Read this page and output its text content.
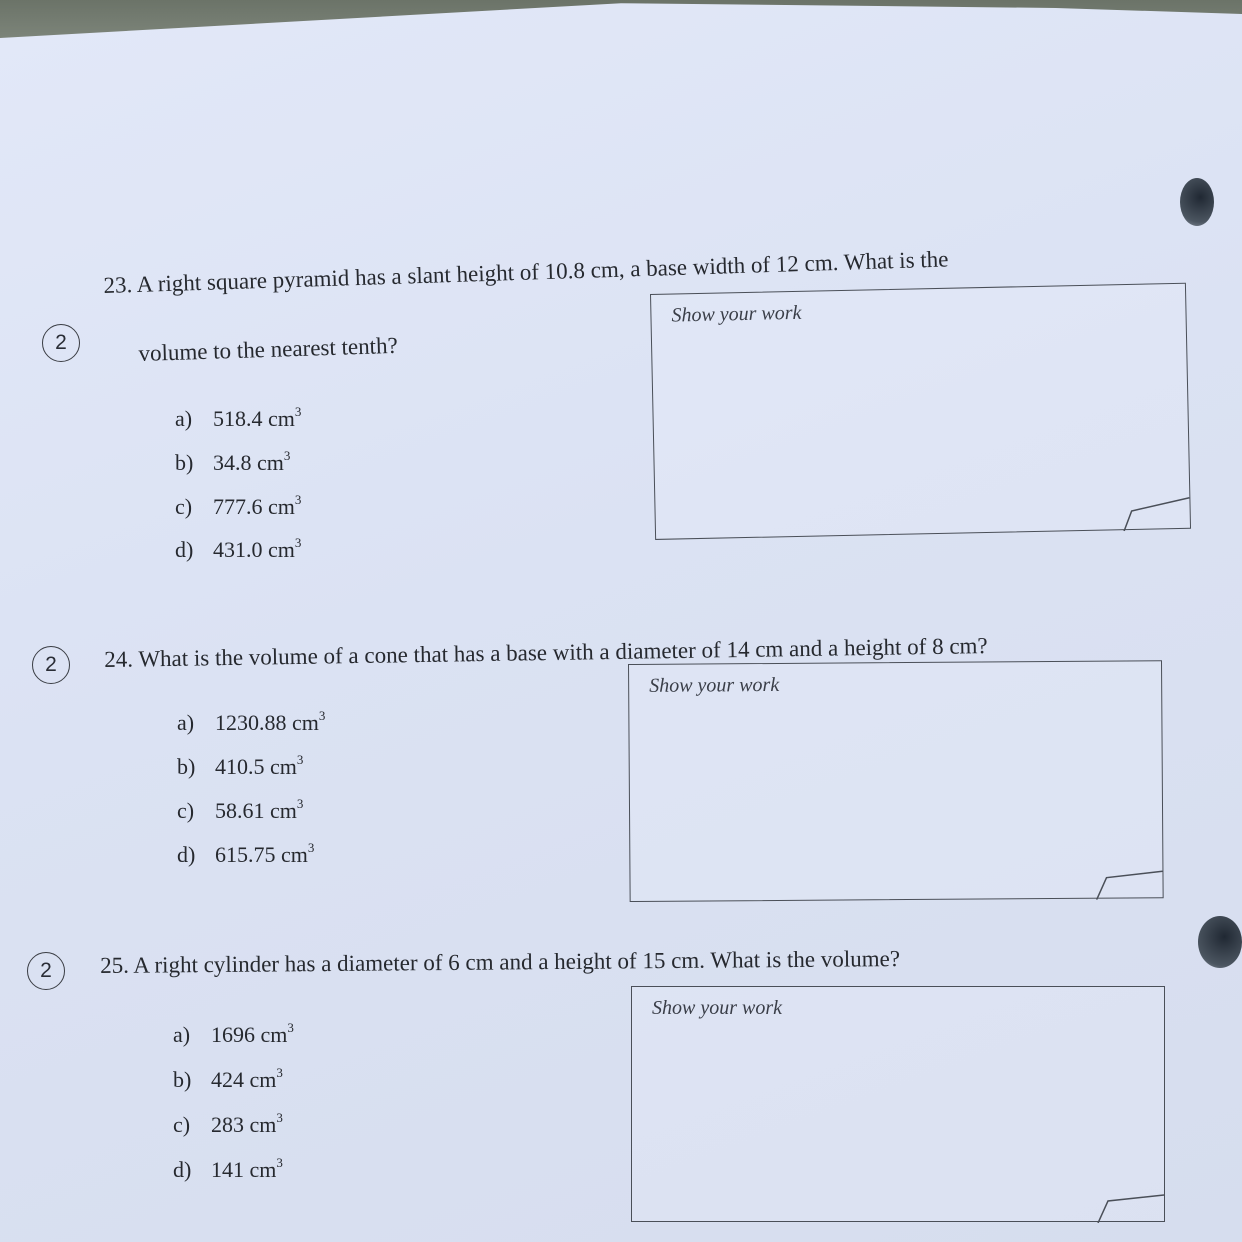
2
23. A right square pyramid has a slant height of 10.8 cm, a base width of 12 cm. What is the
volume to the nearest tenth?
a) 518.4 $cm^3$
b) 34.8 $cm^3$
c) 777.6 $cm^3$
d) 431.0 $cm^3$
Show your work
2	24. What is the volume of a cone that has a base with a diameter of 14 cm and a height of 8 cm?
a) 1230.88 $cm^3$
b) 410.5 $cm^3$
c) 58.61 $cm^3$
d) 615.75 $cm^3$
Show your work
2	25. A right cylinder has a diameter of 6 cm and a height of 15 cm. What is the volume?
a) 1696 $cm^3$
b) 424 $cm^3$
c) 283 $cm^3$
d) 141 $cm^3$
Show your work
